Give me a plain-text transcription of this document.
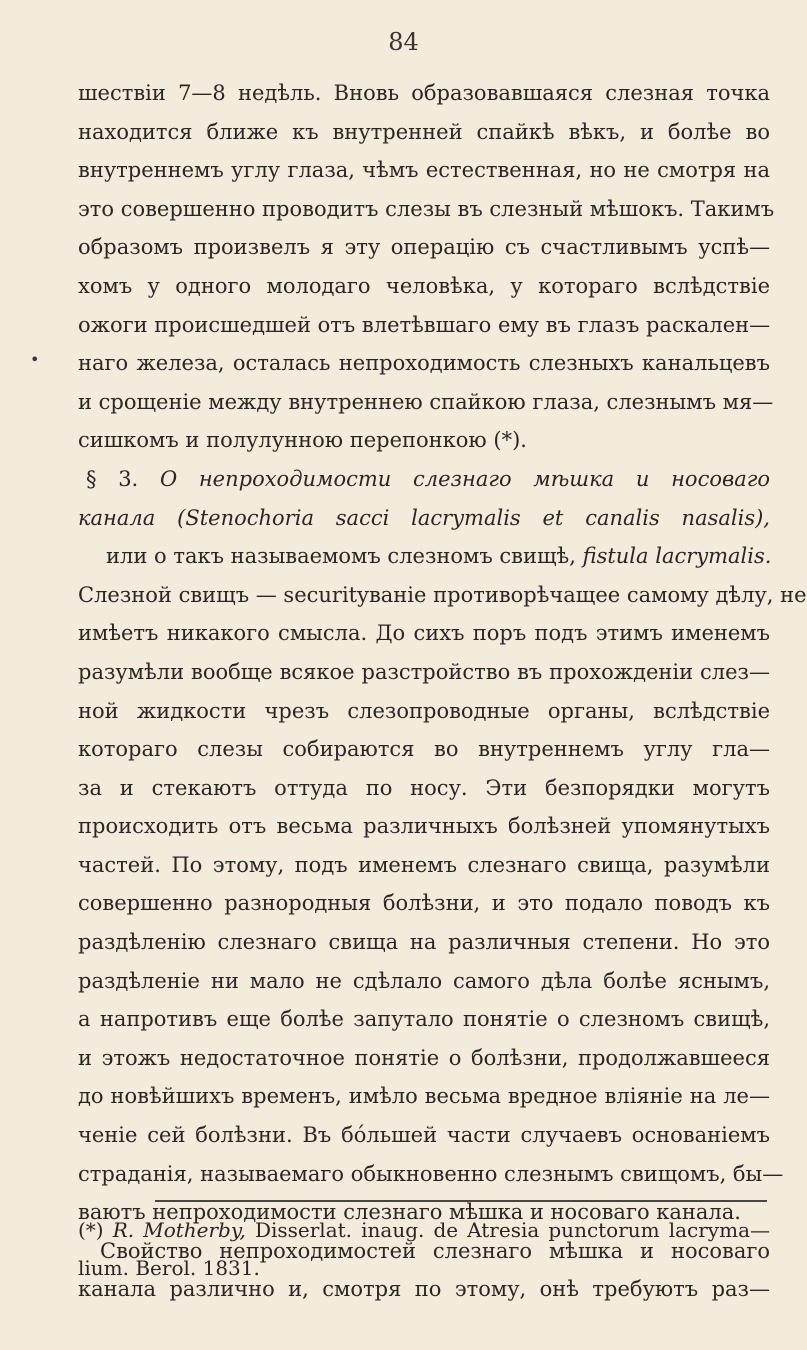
84
•
шествіи 7—8 недѣль. Вновь образовавшаяся слезная точка
находится ближе къ внутренней спайкѣ вѣкъ, и болѣе во
внутреннемъ углу глаза, чѣмъ естественная, но не смотря на
это совершенно проводитъ слезы въ слезный мѣшокъ. Такимъ
образомъ произвелъ я эту операцію съ счастливымъ успѣ—
хомъ у одного молодаго человѣка, у котораго вслѣдствіе
ожоги происшедшей отъ влетѣвшаго ему въ глазъ раскален—
наго железа, осталась непроходимость слезныхъ канальцевъ
и срощеніе между внутреннею спайкою глаза, слезнымъ мя—
сишкомъ и полулунною перепонкою (*).
§ 3. О непроходимости слезнаго мѣшка и носоваго
канала (Stenochoria sacci lacrymalis et canalis nasalis),
или о такъ называемомъ слезномъ свищѣ, fistula lacrymalis.
Слезной свищъ — securityваніе противорѣчащее самому дѣлу, не
имѣетъ никакого смысла. До сихъ поръ подъ этимъ именемъ
разумѣли вообще всякое разстройство въ прохожденіи слез—
ной жидкости чрезъ слезопроводные органы, вслѣдствіе
котораго слезы собираются во внутреннемъ углу гла—
за и стекаютъ оттуда по носу. Эти безпорядки могутъ
происходить отъ весьма различныхъ болѣзней упомянутыхъ
частей. По этому, подъ именемъ слезнаго свища, разумѣли
совершенно разнородныя болѣзни, и это подало поводъ къ
раздѣленію слезнаго свища на различныя степени. Но это
раздѣленіе ни мало не сдѣлало самого дѣла болѣе яснымъ,
а напротивъ еще болѣе запутало понятіе о слезномъ свищѣ,
и этожъ недостаточное понятіе о болѣзни, продолжавшееся
до новѣйшихъ временъ, имѣло весьма вредное вліяніе на ле—
ченіе сей болѣзни. Въ бо́льшей части случаевъ основаніемъ
страданія, называемаго обыкновенно слезнымъ свищомъ, бы—
ваютъ непроходимости слезнаго мѣшка и носоваго канала.
Свойство непроходимостей слезнаго мѣшка и носоваго
канала различно и, смотря по этому, онѣ требуютъ раз—
(*) R. Motherby, Disserlat. inaug. de Atresia punctorum lacryma—
lium. Berol. 1831.
